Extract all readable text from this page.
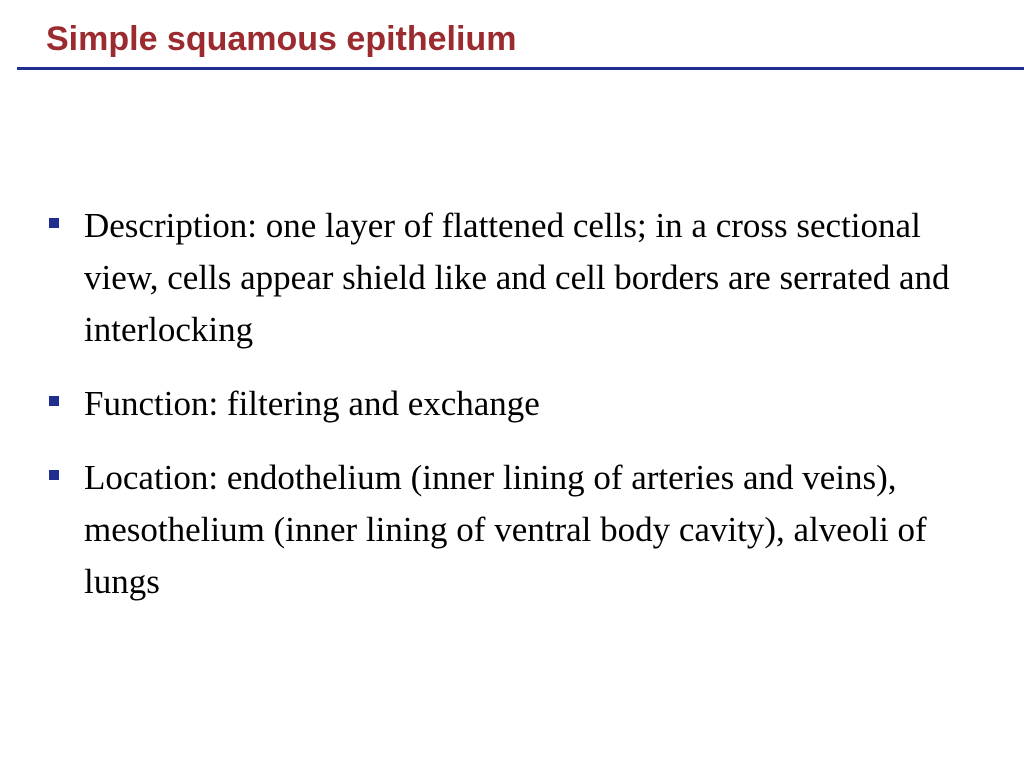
Simple squamous epithelium
Description: one layer of flattened cells; in a cross sectional view, cells appear shield like and cell borders are serrated and interlocking
Function: filtering and exchange
Location: endothelium (inner lining of arteries and veins), mesothelium (inner lining of ventral body cavity), alveoli of lungs
